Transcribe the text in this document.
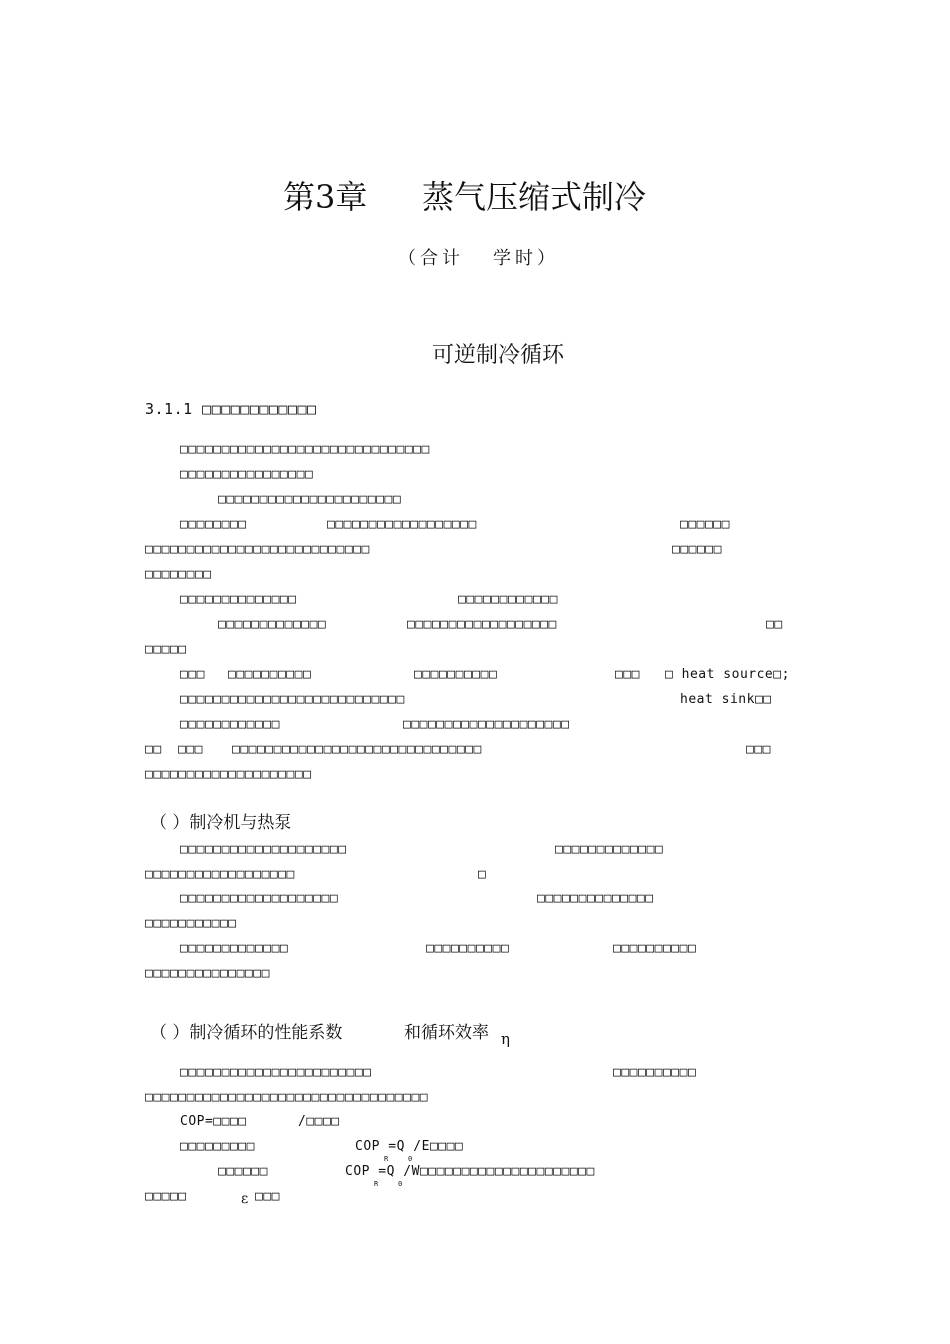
第3章 蒸气压缩式制冷
（合计 学时）
可逆制冷循环
3.1.1 □□□□□□□□□□□□
□□□□□□□□□□□□□□□□□□□□□□□□□□□□□□
□□□□□□□□□□□□□□□□
□□□□□□□□□□□□□□□□□□□□□□
□□□□□□□□	□□□□□□□□□□□□□□□□□□	□□□□□□
□□□□□□□□□□□□□□□□□□□□□□□□□□□	□□□□□□
□□□□□□□□
□□□□□□□□□□□□□□	□□□□□□□□□□□□
□□□□□□□□□□□□□	□□□□□□□□□□□□□□□□□□	□□
□□□□□
□□□ □□□□□□□□□□	□□□□□□□□□□	□□□ □ heat source□;
□□□□□□□□□□□□□□□□□□□□□□□□□□□	heat sink□□
□□□□□□□□□□□□	□□□□□□□□□□□□□□□□□□□□
□□ □□□ □□□□□□□□□□□□□□□□□□□□□□□□□□□□□□	□□□
□□□□□□□□□□□□□□□□□□□□
（ ）制冷机与热泵
□□□□□□□□□□□□□□□□□□□□	□□□□□□□□□□□□□
□□□□□□□□□□□□□□□□□□	□
□□□□□□□□□□□□□□□□□□□	□□□□□□□□□□□□□□
□□□□□□□□□□□
□□□□□□□□□□□□□	□□□□□□□□□□	□□□□□□□□□□
□□□□□□□□□□□□□□□
（ ）制冷循环的性能系数	和循环效率 η
□□□□□□□□□□□□□□□□□□□□□□□	□□□□□□□□□□
□□□□□□□□□□□□□□□□□□□□□□□□□□□□□□□□□□
COP=□□□□	/□□□□
□□□□□□□□□	COP =Q /E□□□□
R	0
□□□□□□	COP =Q /W□□□□□□□□□□□□□□□□□□□□□
R	0
□□□□□	ε □□□
